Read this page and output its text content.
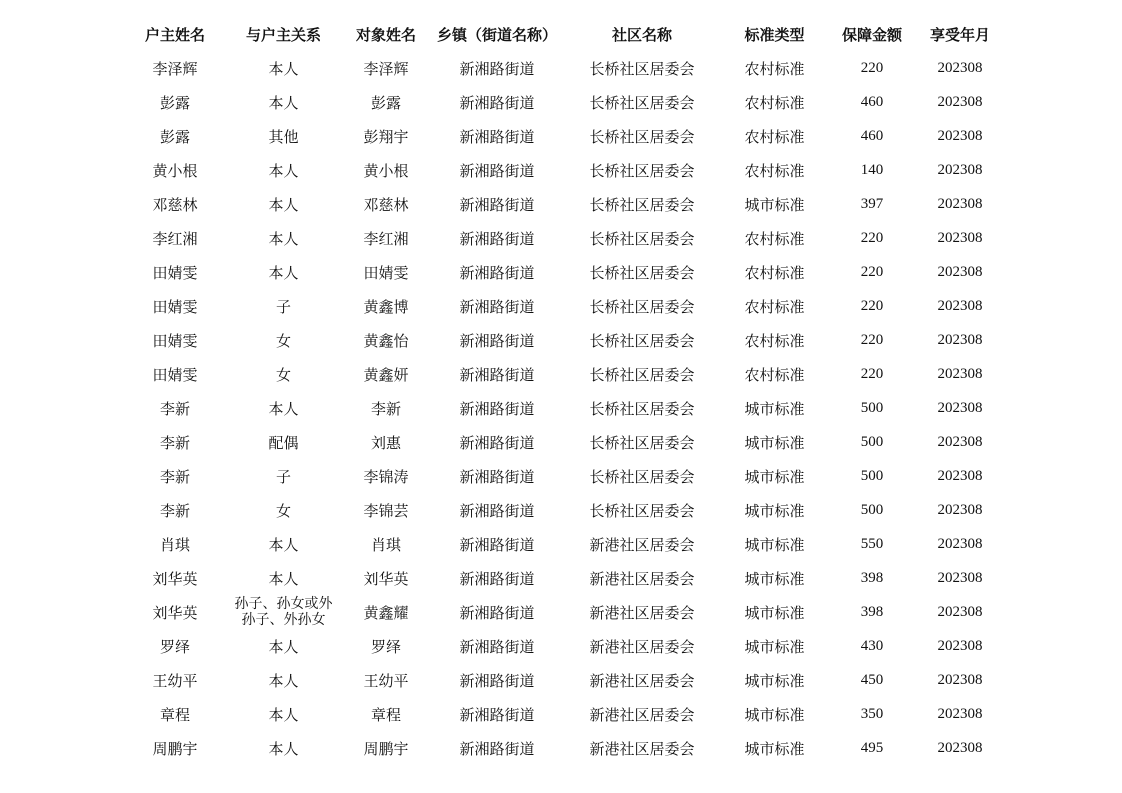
户主姓名	与户主关系	对象姓名	乡镇（街道名称）	社区名称	标准类型	保障金额	享受年月
李泽辉	本人	李泽辉	新湘路街道	长桥社区居委会	农村标准	220	202308
彭露	本人	彭露	新湘路街道	长桥社区居委会	农村标准	460	202308
彭露	其他	彭翔宇	新湘路街道	长桥社区居委会	农村标准	460	202308
黄小根	本人	黄小根	新湘路街道	长桥社区居委会	农村标准	140	202308
邓慈林	本人	邓慈林	新湘路街道	长桥社区居委会	城市标准	397	202308
李红湘	本人	李红湘	新湘路街道	长桥社区居委会	农村标准	220	202308
田婧雯	本人	田婧雯	新湘路街道	长桥社区居委会	农村标准	220	202308
田婧雯	子	黄鑫博	新湘路街道	长桥社区居委会	农村标准	220	202308
田婧雯	女	黄鑫怡	新湘路街道	长桥社区居委会	农村标准	220	202308
田婧雯	女	黄鑫妍	新湘路街道	长桥社区居委会	农村标准	220	202308
李新	本人	李新	新湘路街道	长桥社区居委会	城市标准	500	202308
李新	配偶	刘惠	新湘路街道	长桥社区居委会	城市标准	500	202308
李新	子	李锦涛	新湘路街道	长桥社区居委会	城市标准	500	202308
李新	女	李锦芸	新湘路街道	长桥社区居委会	城市标准	500	202308
肖琪	本人	肖琪	新湘路街道	新港社区居委会	城市标准	550	202308
刘华英	本人	刘华英	新湘路街道	新港社区居委会	城市标准	398	202308
刘华英	孙子、孙女或外孙子、外孙女	黄鑫耀	新湘路街道	新港社区居委会	城市标准	398	202308
罗绎	本人	罗绎	新湘路街道	新港社区居委会	城市标准	430	202308
王幼平	本人	王幼平	新湘路街道	新港社区居委会	城市标准	450	202308
章程	本人	章程	新湘路街道	新港社区居委会	城市标准	350	202308
周鹏宇	本人	周鹏宇	新湘路街道	新港社区居委会	城市标准	495	202308
